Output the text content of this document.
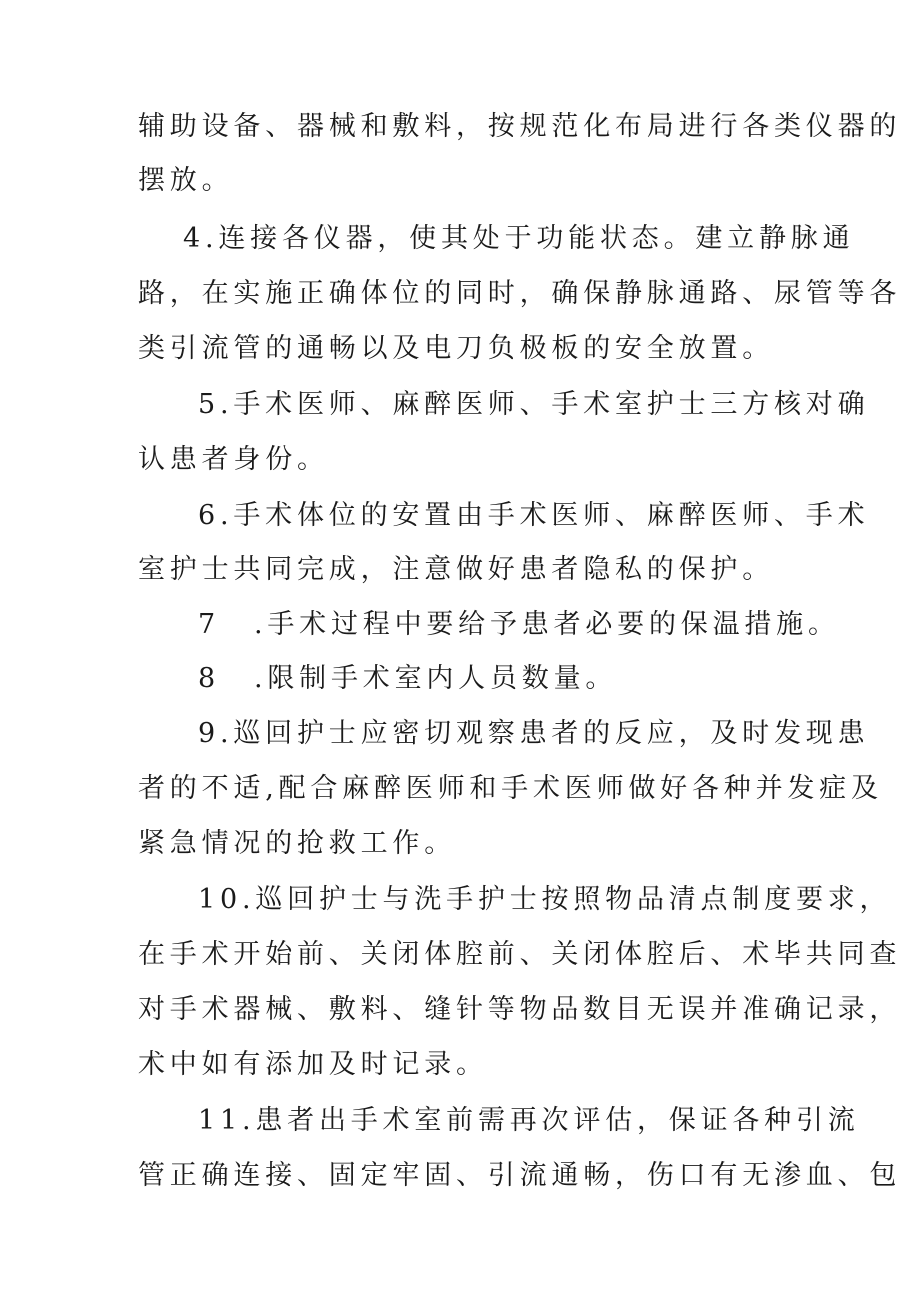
辅助设备、器械和敷料，按规范化布局进行各类仪器的
摆放。
4.连接各仪器，使其处于功能状态。建立静脉通
路，在实施正确体位的同时，确保静脉通路、尿管等各
类引流管的通畅以及电刀负极板的安全放置。
5.手术医师、麻醉医师、手术室护士三方核对确
认患者身份。
6.手术体位的安置由手术医师、麻醉医师、手术
室护士共同完成，注意做好患者隐私的保护。
7 .手术过程中要给予患者必要的保温措施。
8 .限制手术室内人员数量。
9.巡回护士应密切观察患者的反应，及时发现患
者的不适,配合麻醉医师和手术医师做好各种并发症及
紧急情况的抢救工作。
10.巡回护士与洗手护士按照物品清点制度要求，
在手术开始前、关闭体腔前、关闭体腔后、术毕共同查
对手术器械、敷料、缝针等物品数目无误并准确记录，
术中如有添加及时记录。
11.患者出手术室前需再次评估，保证各种引流
管正确连接、固定牢固、引流通畅，伤口有无渗血、包
